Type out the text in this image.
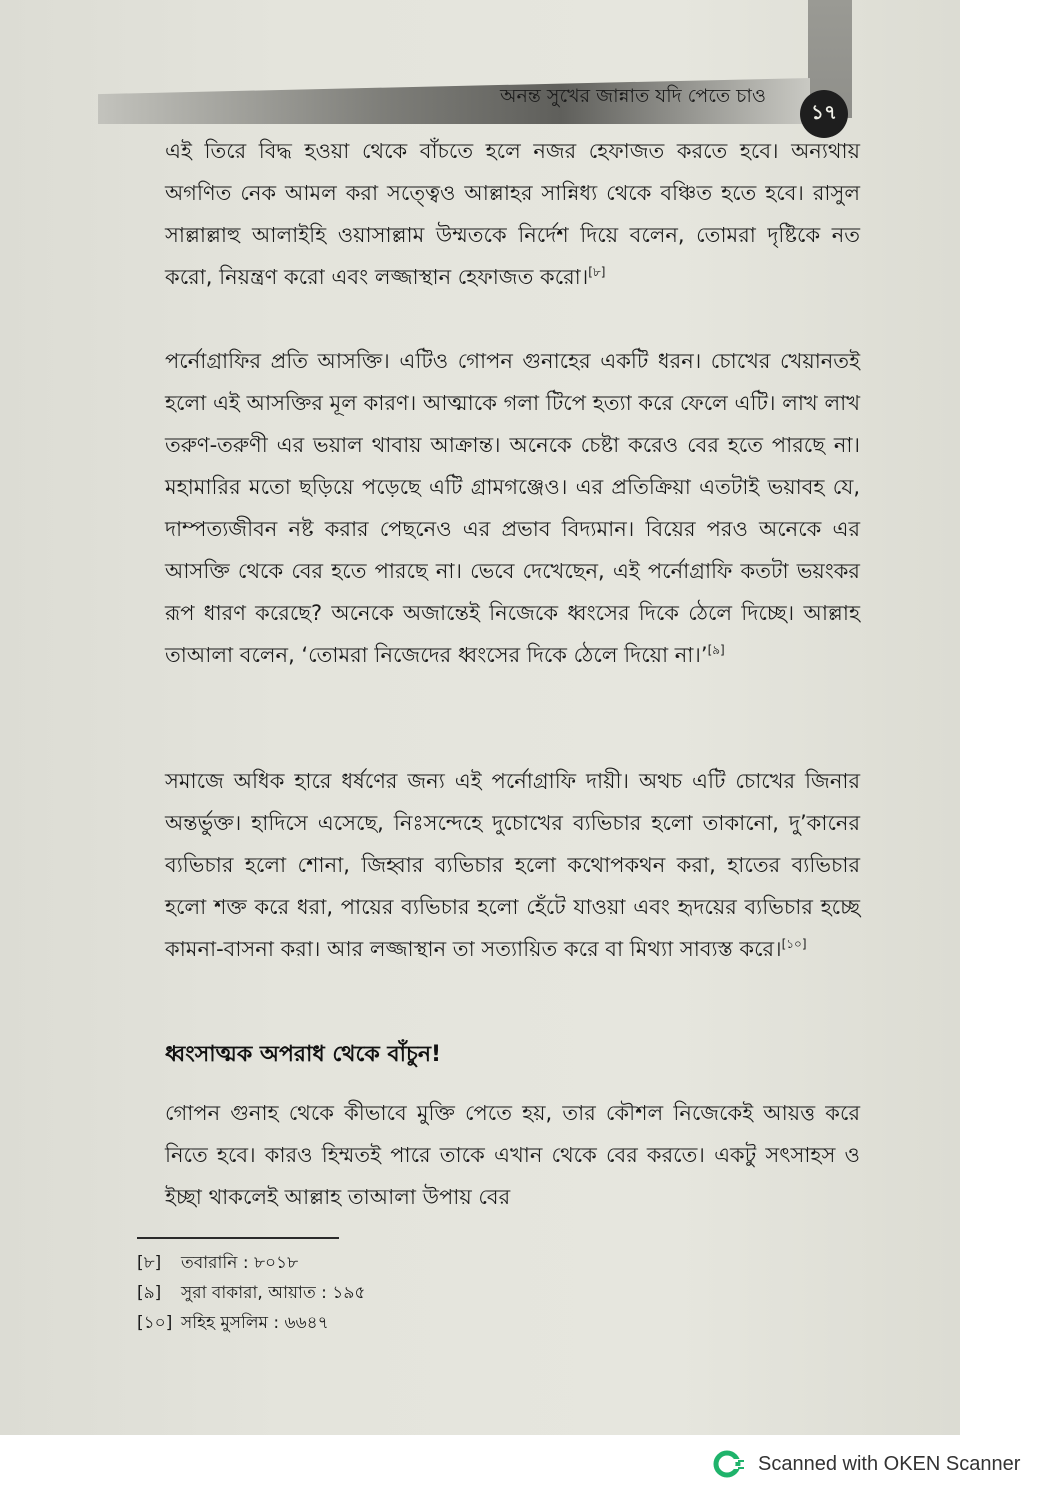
অনন্ত সুখের জান্নাত যদি পেতে চাও
১৭

এই তিরে বিদ্ধ হওয়া থেকে বাঁচতে হলে নজর হেফাজত করতে হবে। অন্যথায় অগণিত নেক আমল করা সত্ত্বেও আল্লাহর সান্নিধ্য থেকে বঞ্চিত হতে হবে। রাসুল সাল্লাল্লাহু আলাইহি ওয়াসাল্লাম উম্মতকে নির্দেশ দিয়ে বলেন, তোমরা দৃষ্টিকে নত করো, নিয়ন্ত্রণ করো এবং লজ্জাস্থান হেফাজত করো।[৮]

পর্নোগ্রাফির প্রতি আসক্তি। এটিও গোপন গুনাহের একটি ধরন। চোখের খেয়ানতই হলো এই আসক্তির মূল কারণ। আত্মাকে গলা টিপে হত্যা করে ফেলে এটি। লাখ লাখ তরুণ-তরুণী এর ভয়াল থাবায় আক্রান্ত। অনেকে চেষ্টা করেও বের হতে পারছে না। মহামারির মতো ছড়িয়ে পড়েছে এটি গ্রামগঞ্জেও। এর প্রতিক্রিয়া এতটাই ভয়াবহ যে, দাম্পত্যজীবন নষ্ট করার পেছনেও এর প্রভাব বিদ্যমান। বিয়ের পরও অনেকে এর আসক্তি থেকে বের হতে পারছে না। ভেবে দেখেছেন, এই পর্নোগ্রাফি কতটা ভয়ংকর রূপ ধারণ করেছে? অনেকে অজান্তেই নিজেকে ধ্বংসের দিকে ঠেলে দিচ্ছে। আল্লাহ তাআলা বলেন, ‘তোমরা নিজেদের ধ্বংসের দিকে ঠেলে দিয়ো না।’[৯]

সমাজে অধিক হারে ধর্ষণের জন্য এই পর্নোগ্রাফি দায়ী। অথচ এটি চোখের জিনার অন্তর্ভুক্ত। হাদিসে এসেছে, নিঃসন্দেহে দুচোখের ব্যভিচার হলো তাকানো, দু’কানের ব্যভিচার হলো শোনা, জিহ্বার ব্যভিচার হলো কথোপকথন করা, হাতের ব্যভিচার হলো শক্ত করে ধরা, পায়ের ব্যভিচার হলো হেঁটে যাওয়া এবং হৃদয়ের ব্যভিচার হচ্ছে কামনা-বাসনা করা। আর লজ্জাস্থান তা সত্যায়িত করে বা মিথ্যা সাব্যস্ত করে।[১০]

ধ্বংসাত্মক অপরাধ থেকে বাঁচুন!

গোপন গুনাহ থেকে কীভাবে মুক্তি পেতে হয়, তার কৌশল নিজেকেই আয়ত্ত করে নিতে হবে। কারও হিম্মতই পারে তাকে এখান থেকে বের করতে। একটু সৎসাহস ও ইচ্ছা থাকলেই আল্লাহ তাআলা উপায় বের

[৮] তবারানি : ৮০১৮
[৯] সুরা বাকারা, আয়াত : ১৯৫
[১০] সহিহ মুসলিম : ৬৬৪৭
Scanned with OKEN Scanner
